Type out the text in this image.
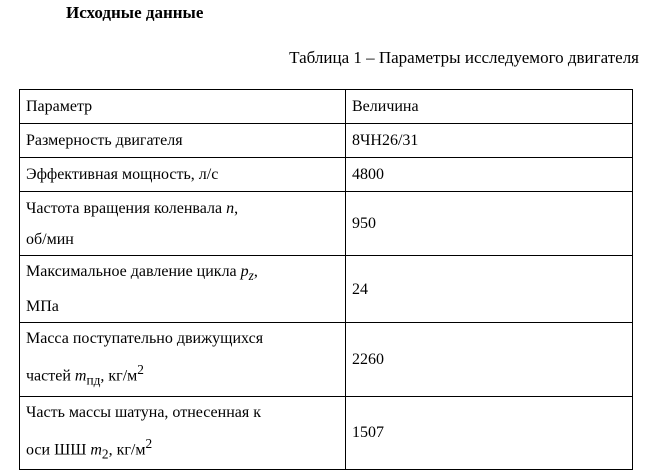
Исходные данные
Таблица 1 – Параметры исследуемого двигателя
Параметр	Величина
Размерность двигателя	8ЧН26/31
Эффективная мощность, л/с	4800

Частота вращения коленвала n,
об/мин	950

Максимальное давление цикла $p_z$,
МПа	24

Масса поступательно движущихся
частей $m_{пд}$, $кг/м^2$	2260

Часть массы шатуна, отнесенная к
оси ШШ $m_2$, $кг/м^2$	1507
